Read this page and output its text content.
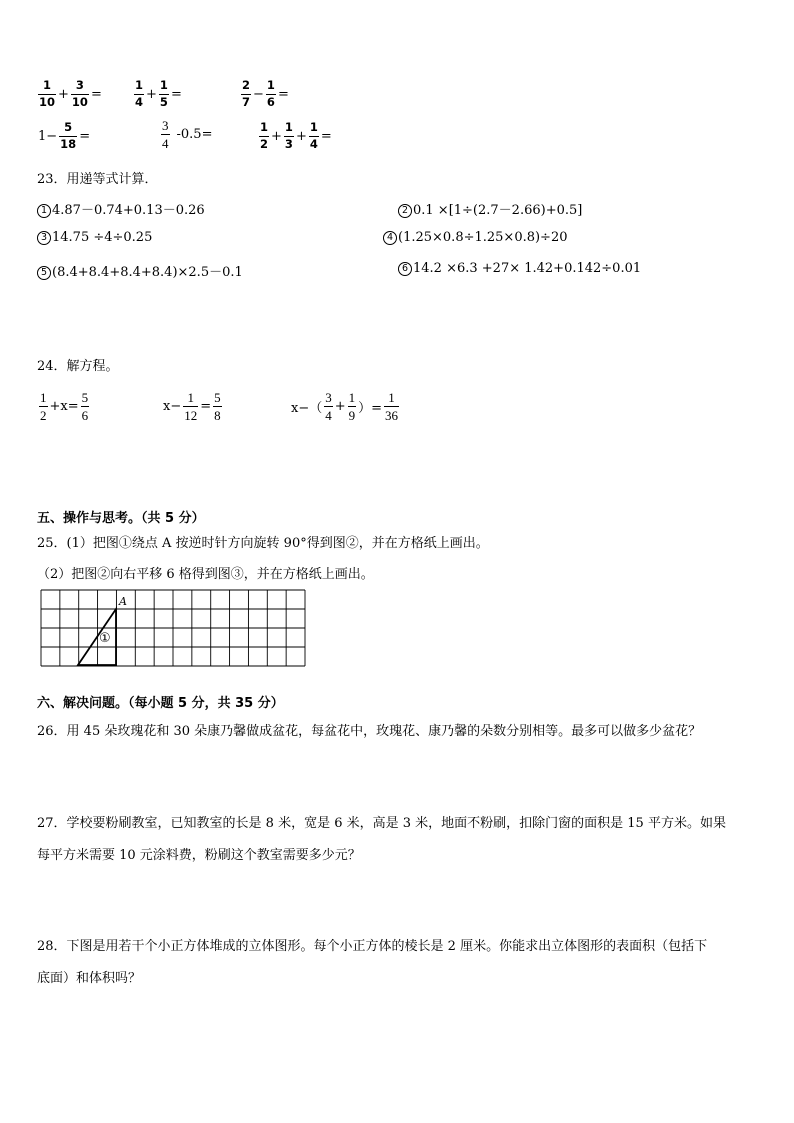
$\frac{1}{10} + \frac{3}{10}$ =	$\frac{1}{4} + \frac{1}{5}$ =	$\frac{2}{7} - \frac{1}{6}$ =
$1- \frac{5}{18}$ =	$\frac{3}{4} -0.5=$	$\frac{1}{2} + \frac{1}{3} + \frac{1}{4}$ =
23．用递等式计算．
1 4.87－0.74+0.13－0.26	2 0.1 ×[1÷(2.7－2.66)+0.5]
3 14.75 ÷4÷0.25	4 (1.25×0.8÷1.25×0.8)÷20
5 (8.4+8.4+8.4+8.4)×2.5－0.1	6 14.2 ×6.3 +27× 1.42+0.142÷0.01
24．解方程。
$\frac{1}{2} +x= \frac{5}{6}$	$x- \frac{1}{12} = \frac{5}{8}$	$x-( \frac{3}{4} + \frac{1}{9}$ ）= $\frac{1}{36}$
五、操作与思考。（共 5 分）
25．(1）把图①绕点 A 按逆时针方向旋转 90°得到图②，并在方格纸上画出。
（2）把图②向右平移 6 格得到图③，并在方格纸上画出。
A
①
六、解决问题。（每小题 5 分，共 35 分）
26．用 45 朵玫瑰花和 30 朵康乃馨做成盆花，每盆花中，玫瑰花、康乃馨的朵数分别相等。最多可以做多少盆花？
27．学校要粉刷教室，已知教室的长是 8 米，宽是 6 米，高是 3 米，地面不粉刷，扣除门窗的面积是 15 平方米。如果
每平方米需要 10 元涂料费，粉刷这个教室需要多少元？
28．下图是用若干个小正方体堆成的立体图形。每个小正方体的棱长是 2 厘米。你能求出立体图形的表面积（包括下
底面）和体积吗？
